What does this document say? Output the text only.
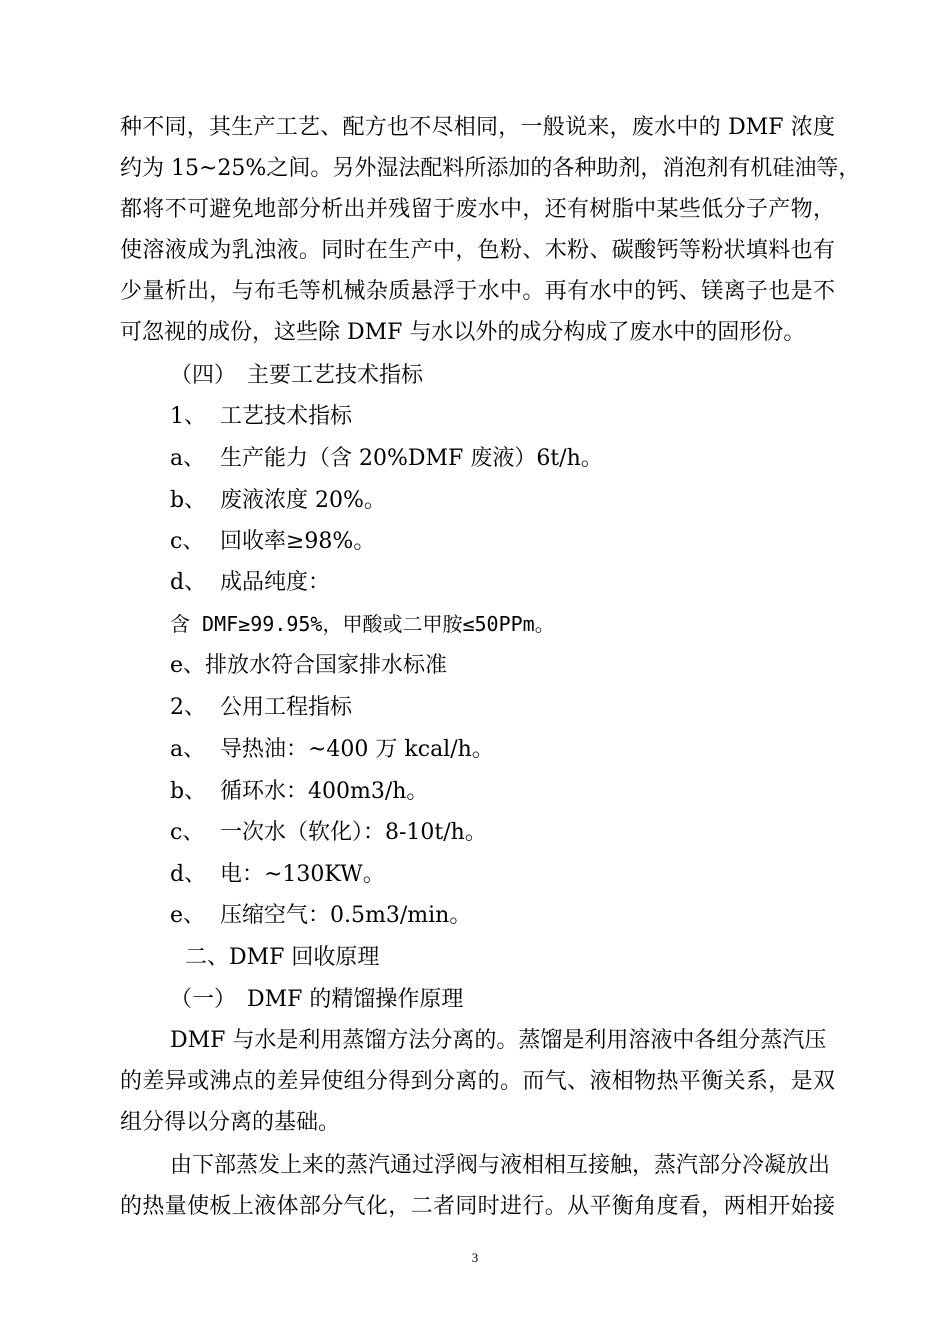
种不同，其生产工艺、配方也不尽相同，一般说来，废水中的 DMF 浓度
约为 15~25%之间。另外湿法配料所添加的各种助剂，消泡剂有机硅油等，
都将不可避免地部分析出并残留于废水中，还有树脂中某些低分子产物，
使溶液成为乳浊液。同时在生产中，色粉、木粉、碳酸钙等粉状填料也有
少量析出，与布毛等机械杂质悬浮于水中。再有水中的钙、镁离子也是不
可忽视的成份，这些除 DMF 与水以外的成分构成了废水中的固形份。
（四）　主要工艺技术指标
1、 工艺技术指标
a、 生产能力（含 20%DMF 废液）6t/h。
b、 废液浓度 20%。
c、 回收率≥98%。
d、 成品纯度：
含 DMF≥99.95%，甲酸或二甲胺≤50PPm。
e、排放水符合国家排水标准
2、 公用工程指标
a、 导热油：~400 万 kcal/h。
b、 循环水：400m3/h。
c、 一次水（软化）：8-10t/h。
d、 电：~130KW。
e、 压缩空气：0.5m3/min。
二、DMF 回收原理
（一）　DMF 的精馏操作原理
DMF 与水是利用蒸馏方法分离的。蒸馏是利用溶液中各组分蒸汽压
的差异或沸点的差异使组分得到分离的。而气、液相物热平衡关系，是双
组分得以分离的基础。
由下部蒸发上来的蒸汽通过浮阀与液相相互接触，蒸汽部分冷凝放出
的热量使板上液体部分气化，二者同时进行。从平衡角度看，两相开始接
3
